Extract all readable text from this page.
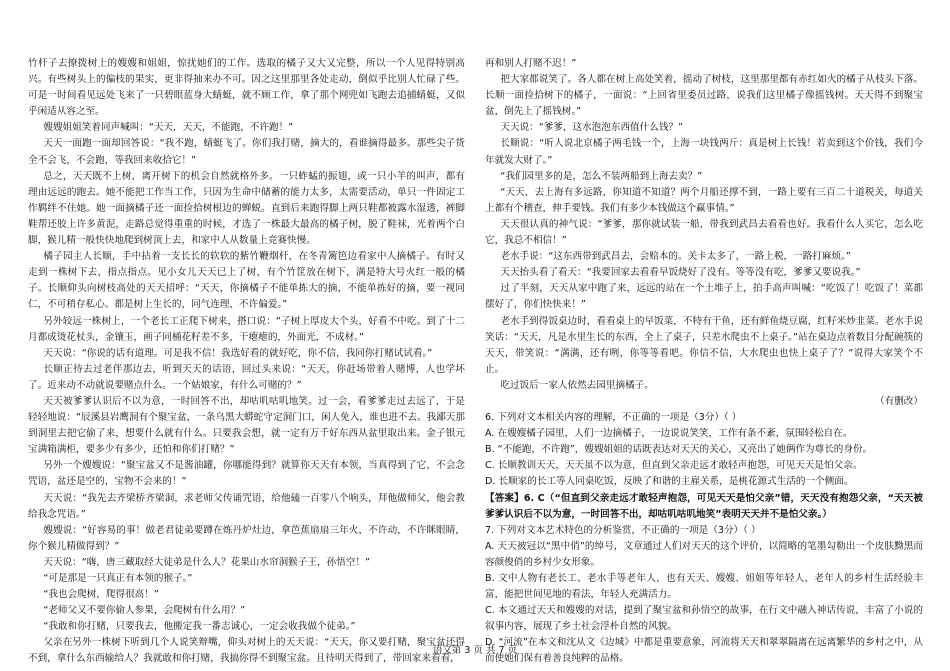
竹杆子去撩拨树上的嫂嫂和姐姐，惊扰她们的工作。选取的橘子又大又完整，所以一个人见得特别高兴。有些树头上的偏枝的果实，更非得抽来办不可。因之这里那里各处走动，倒似乎比别人忙碌了些。可是一时间看见远处飞来了一只碧眼蓝身大蜻蜓，就不顾工作，拿了那个网兜如飞跑去追捕蜻蜓，又似乎闲适从容之至。

嫂嫂姐姐笑着同声喊叫：“天天，天天，不能跑，不许跑！”

天天一面跑一面却回答说：“我不跑，蜻蜓飞了。你们我打赌，摘大的，看谁摘得最多。那些尖子货全不会飞，不会跑，等我回来收拾它！”

总之，天天既不上树，离开树下的机会自然就格外多。一只蚱蜢的振翅，或一只小羊的叫声，都有理由远远的跑去。她不能把工作当工作，只因为生命中储蓄的能力太多，太需要活动，单只一件固定工作羁绊不住她。她一面摘橘子还一面捡拾树根边的蝉蜕。直到后来跑得脚上两只鞋都被露水湿透，裤脚鞋帮还胶上许多黄泥，走路总觉得重重的时候，才选了一株最大最高的橘子树，脱了鞋袜，光着两个白脚，猴儿精一般快快地爬到树顶上去，和家中人从数量上竞赛快慢。

橘子园主人长顺，手中拈着一支长长的软软的紫竹鞭烟杆，在冬青篱笆边看家中人摘橘子。有时又走到一株树下去，指点指点。见小女儿天天已上了树，有个竹筐放在树下，满是特大号火红一般的橘子。长顺仰头向树枝高处的天天招呼：“天天，你摘橘子不能单拣大的摘，不能单拣好的摘，要一视同仁，不可稍存私心。都是树上生长的，同气连理，不许偏爱。”

另外较远一株树上，一个老长工正爬下树来，搭口说：“子树上厚皮大个头，好看不中吃。到了十二月都成烫花杖头，金镶玉，画子同桶花籽差不多，干瘪瘪的，外面光，不成材。”

天天说：“你说的话有道理。可是我不信！我选好看的就好吃，你不信，我同你打赌试试看。”

长顺正待去过老伴那边去，听到天天的话语，回过头来说：“天天，你赶场带着人赌博，人也学坏了。近来动不动就说要赌点什么。一个姑娘家，有什么可赌的？”

天天被爹爹认识后不以为意，一时回答不出，却咕叽咕叽地笑。过一会，看爹爹走过去远了，于是轻轻地说：“辰溪县岩鹰洞有个聚宝盆，一条乌黑大蟒蛇守定洞门口，闲人免入，谁也进不去。我鄙天那到洞里去把它偷了来，想要什么就有什么。只要我会想，就一定有万千好东西从盆里取出来。金子银元宝满箱满柜，要多少有多少，还怕和你们打赌？”

另外一个嫂嫂说：“聚宝盆又不是酱油罐，你哪能得到？就算你天天有本领，当真得到了它，不会念咒语，盆还是空的，宝物不会来的！”

天天说：“我先去齐梁桥齐梁洞，求老师父传诵咒语，给他磕一百零八个响头，拜他做师父，他会教给我念咒语。”

嫂嫂说：“好容易的事！做老君徒弟要蹲在炼丹炉灶边，拿芭蕉扇扇三年火，不许动，不许眯眼睛，你个猴儿精做得到？”

天天说：“嗨，唐三藏取经大徒弟是什么人？花果山水帘洞猴子王，孙悟空！”

“可是那是一只真正有本领的猴子。”

“我也会爬树，爬得很高！”

“老师父又不要你偷人参果，会爬树有什么用？”

“我敢和你打赌，只要我去，他搬定我一番志诚心，一定会收我做个徒弟。”

父亲在另外一株树下听到几个人说笑辩嘴，仰头对树上的天天说：“天天，你又要打赌，聚宝盆还得不到，拿什么东西输给人？我就敢和你打赌，我搞你得不到聚宝盆。且待明天得到了，带回家来看看，

再和别人打赌不迟！”

把大家都说笑了。各人都在树上高处笑着，摇动了树枝，这里那里都有赤红如火的橘子从枝头下落。长顺一面捡拾树下的橘子，一面说：“上回省里委员过路，说我们这里橘子像摇钱树。天天得不到聚宝盆，倒先上了摇钱树。”

天天说：“爹爹，这水泡泡东西值什么钱？”

长顺说：“听人说北京橘子两毛钱一个，上海一块钱两斤：真是树上长钱！若卖到这个价钱，我们今年就发大财了。”

“我们园里多的是，怎么不装两船到上海去卖？”

“天天，去上海有多远路，你知道不知道？两个月船还撑不到，一路上要有三百二十道税关，每道关上都有个稽查，伸手要钱。我们有多少本钱做这个赢事情。”

天天很认真的神气说：“爹爹，那你就试装一船，带我到武昌去看看也好。我看什么人买它，怎么吃它，我总不相信！”

老水手说：“这东西带到武昌去，会赔本的。关卡太多了，一路上税，一路打麻烦。”

天天抬头看了看天：“我要回家去看看早饭烧好了没有。等等没有吃，爹爹又要说我。”

过了半刻，天天从家中跑了来，远远的站在一个土堆子上，拍手高声叫喊：“吃饭了！吃饭了！菜都摆好了，你们快快来！”

老水手到得饭桌边时，看看桌上的早饭菜，不特有干鱼，还有鲜鱼烧豆腐，红籽米炒韭菜。老水手说笑话：“天天，凡是水里生长的东西，全上了桌子，只差水爬虫不上桌子。”站在桌边点着数目分配碗筷的天天，带笑说：“满满，还有咧，你等等看吧。你信不信，大水爬虫也快上桌子了？”说得大家笑个不止。

吃过饭后一家人依然去园里摘橘子。

（有删改）

6. 下列对文本相关内容的理解，不正确的一项是（3分）（ ）

A. 在嫂嫂橘子园里，人们一边摘橘子，一边说说笑笑，工作有条不紊，氛围轻松自在。

B. “不能跑，不许跑”，嫂嫂姐姐的话既表达对天天的关心，又亮出了她俩作为尊长的身份。

C. 长顺教训天天，天天虽不以为意，但直到父亲走远才敢轻声抱怨，可见天天是怕父亲。

D. 长顺家的长工等人同桌吃饭，反映了和谐的主雇关系，是桃花源式生活的一个侧面。

【答案】6. C（“但直到父亲走远才敢轻声抱怨，可见天天是怕父亲”错，天天没有抱怨父亲，“天天被爹爹认识后不以为意，一时回答不出，却咕叽咕叽地笑”表明天天并不是怕父亲。）

7. 下列对文本艺术特色的分析鉴赏，不正确的一项是（3分）（ ）

A. 天天被冠以“黑中俏”的绰号，文章通过人们对天天的这个评价，以简略的笔墨勾勒出一个皮肤黝黑而容颜俊俏的乡村少女形象。

B. 文中人物有老长工、老水手等老年人，也有天天、嫂嫂、姐姐等年轻人，老年人的乡村生活经验丰富，能把世间见地的看法，年轻人充满活力。

C. 本文通过天天和嫂嫂的对话，提到了聚宝盆和孙悟空的故事，在行文中融入神话传说，丰富了小说的叙事内容，展现了乡土社会浮朴自然的风貌。

D. “河流”在本文和沈从文《边城》中都是重要意象，河流将天天和翠翠隔离在远离繁华的乡村之中，从而使她们保有着善良纯粹的品格。

语文第 3 页 共 7 页
